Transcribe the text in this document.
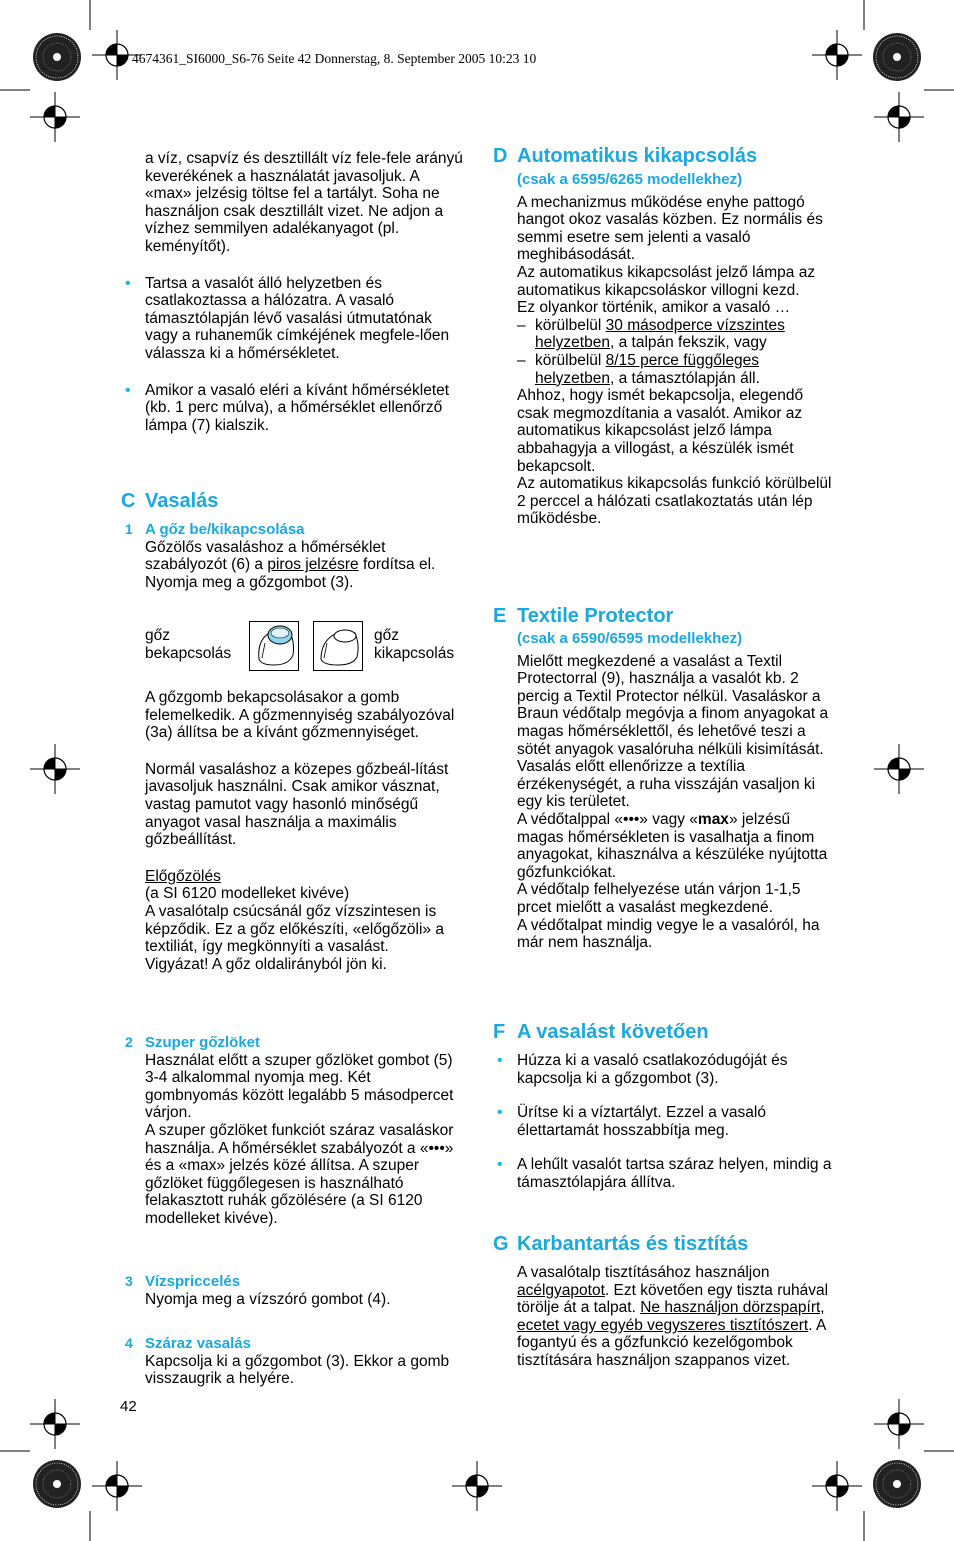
4674361_SI6000_S6-76 Seite 42 Donnerstag, 8. September 2005 10:23 10

a víz, csapvíz és desztillált víz fele-fele arányú keverékének a használatát javasoljuk. A «max» jelzésig töltse fel a tartályt. Soha ne használjon csak desztillált vizet. Ne adjon a vízhez semmilyen adalékanyagot (pl. keményítőt).

• Tartsa a vasalót álló helyzetben és csatlakoztassa a hálózatra. A vasaló támasztólapján lévő vasalási útmutatónak vagy a ruhaneműk címkéjének megfele-lően válassza ki a hőmérsékletet.

• Amikor a vasaló eléri a kívánt hőmérsékletet (kb. 1 perc múlva), a hőmérséklet ellenőrző lámpa (7) kialszik.

C Vasalás
1 A gőz be/kikapcsolása
Gőzölős vasaláshoz a hőmérséklet szabályozót (6) a piros jelzésre fordítsa el. Nyomja meg a gőzgombot (3).
gőz
bekapcsolás
gőz
kikapcsolás

A gőzgomb bekapcsolásakor a gomb felemelkedik. A gőzmennyiség szabályozóval (3a) állítsa be a kívánt gőzmennyiséget.

Normál vasaláshoz a közepes gőzbeál-lítást javasoljuk használni. Csak amikor vásznat, vastag pamutot vagy hasonló minőségű anyagot vasal használja a maximális gőzbeállítást.

Előgőzölés
(a SI 6120 modelleket kivéve)
A vasalótalp csúcsánál gőz vízszintesen is képződik. Ez a gőz előkészíti, «előgőzöli» a textiliát, így megkönnyíti a vasalást.
Vigyázat! A gőz oldalirányból jön ki.
2 Szuper gőzlöket
Használat előtt a szuper gőzlöket gombot (5) 3-4 alkalommal nyomja meg. Két gombnyomás között legalább 5 másodpercet várjon.
A szuper gőzlöket funkciót száraz vasaláskor használja. A hőmérséklet szabályozót a «•••» és a «max» jelzés közé állítsa. A szuper gőzlöket függőlegesen is használható felakasztott ruhák gőzölésére (a SI 6120 modelleket kivéve).
3 Vízspriccelés
Nyomja meg a vízszóró gombot (4).
4 Száraz vasalás
Kapcsolja ki a gőzgombot (3). Ekkor a gomb visszaugrik a helyére.
42
D Automatikus kikapcsolás
(csak a 6595/6265 modellekhez)
A mechanizmus működése enyhe pattogó hangot okoz vasalás közben. Ez normális és semmi esetre sem jelenti a vasaló meghibásodását.
Az automatikus kikapcsolást jelző lámpa az automatikus kikapcsoláskor villogni kezd.
Ez olyankor történik, amikor a vasaló …
– körülbelül 30 másodperce vízszintes helyzetben, a talpán fekszik, vagy
– körülbelül 8/15 perce függőleges helyzetben, a támasztólapján áll.
Ahhoz, hogy ismét bekapcsolja, elegendő csak megmozdítania a vasalót. Amikor az automatikus kikapcsolást jelző lámpa abbahagyja a villogást, a készülék ismét bekapcsolt.
Az automatikus kikapcsolás funkció körülbelül 2 perccel a hálózati csatlakoztatás után lép működésbe.
E Textile Protector
(csak a 6590/6595 modellekhez)
Mielőtt megkezdené a vasalást a Textil Protectorral (9), használja a vasalót kb. 2 percig a Textil Protector nélkül. Vasaláskor a Braun védőtalp megóvja a finom anyagokat a magas hőmérséklettől, és lehetővé teszi a sötét anyagok vasalóruha nélküli kisimítását. Vasalás előtt ellenőrizze a textília érzékenységét, a ruha visszáján vasaljon ki egy kis területet.
A védőtalppal «•••» vagy «max» jelzésű magas hőmérsékleten is vasalhatja a finom anyagokat, kihasználva a készüléke nyújtotta gőzfunkciókat.
A védőtalp felhelyezése után várjon 1-1,5 prcet mielőtt a vasalást megkezdené.
A védőtalpat mindig vegye le a vasalóról, ha már nem használja.
F A vasalást követően

• Húzza ki a vasaló csatlakozódugóját és kapcsolja ki a gőzgombot (3).

• Ürítse ki a víztartályt. Ezzel a vasaló élettartamát hosszabbítja meg.

• A lehűlt vasalót tartsa száraz helyen, mindig a támasztólapjára állítva.

G Karbantartás és tisztítás
A vasalótalp tisztításához használjon acélgyapotot. Ezt követően egy tiszta ruhával törölje át a talpat. Ne használjon dörzspapírt, ecetet vagy egyéb vegyszeres tisztítószert. A fogantyú és a gőzfunkció kezelőgombok tisztítására használjon szappanos vizet.
